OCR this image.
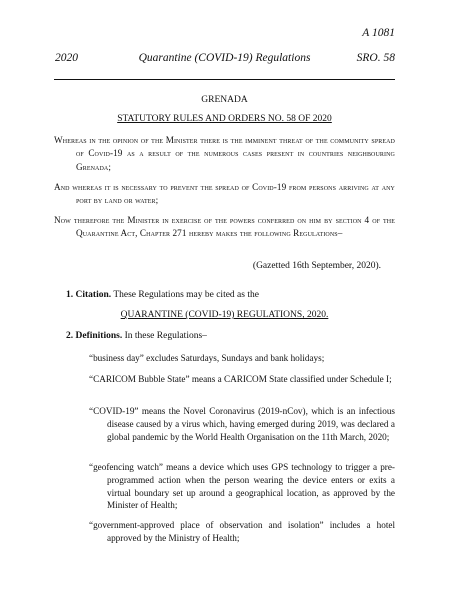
A 1081
2020	Quarantine (COVID-19) Regulations	SRO. 58
GRENADA
STATUTORY RULES AND ORDERS NO. 58 OF 2020
Whereas in the opinion of the Minister there is the imminent threat of the community spread of Covid-19 as a result of the numerous cases present in countries neighbouring Grenada;
And whereas it is necessary to prevent the spread of Covid-19 from persons arriving at any port by land or water;
Now therefore the Minister in exercise of the powers conferred on him by section 4 of the Quarantine Act, Chapter 271 hereby makes the following Regulations–
(Gazetted 16th September, 2020).
1. Citation. These Regulations may be cited as the
QUARANTINE (COVID-19) REGULATIONS, 2020.
2. Definitions. In these Regulations–
“business day” excludes Saturdays, Sundays and bank holidays;
“CARICOM Bubble State” means a CARICOM State classified under Schedule I;
“COVID-19” means the Novel Coronavirus (2019-nCov), which is an infectious disease caused by a virus which, having emerged during 2019, was declared a global pandemic by the World Health Organisation on the 11th March, 2020;
“geofencing watch” means a device which uses GPS technology to trigger a pre-programmed action when the person wearing the device enters or exits a virtual boundary set up around a geographical location, as approved by the Minister of Health;
“government-approved place of observation and isolation” includes a hotel approved by the Ministry of Health;
